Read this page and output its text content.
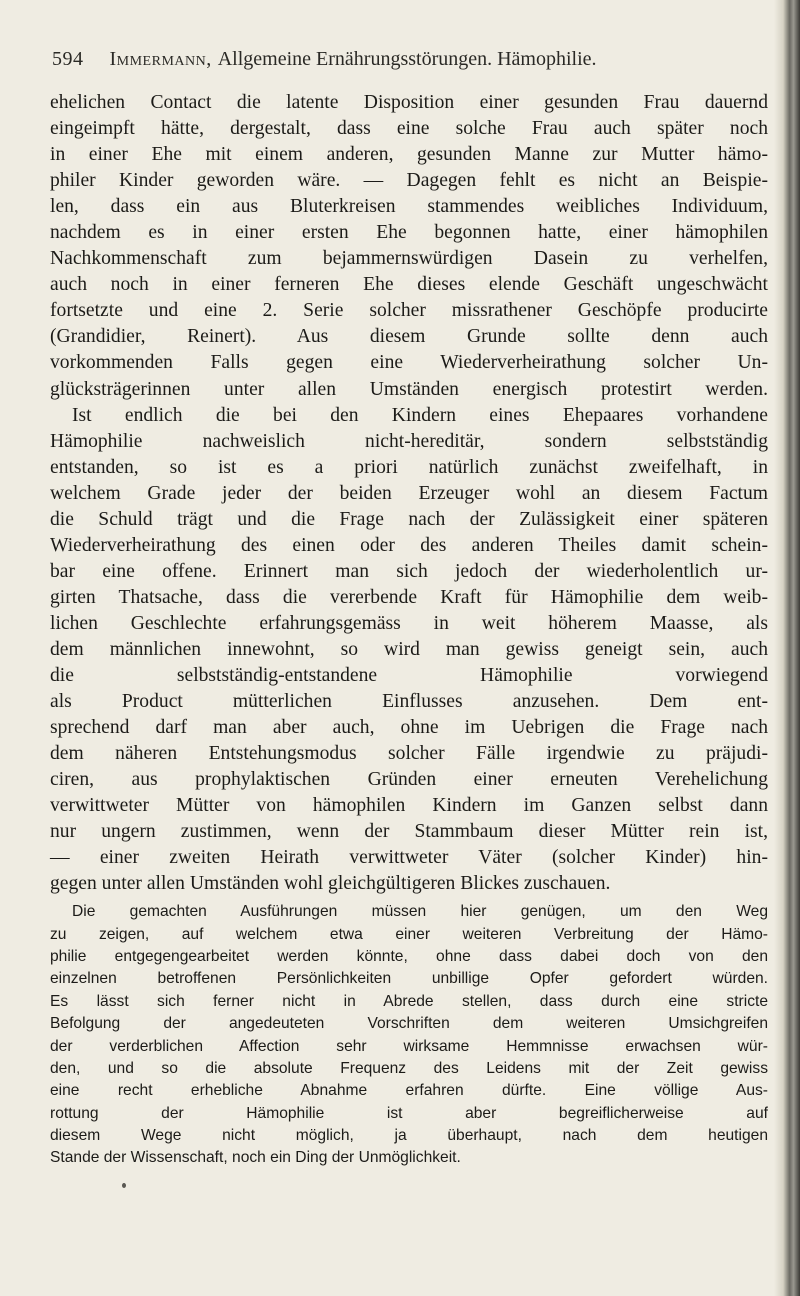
594 Immermann, Allgemeine Ernährungsstörungen. Hämophilie.
ehelichen Contact die latente Disposition einer gesunden Frau dauernd
eingeimpft hätte, dergestalt, dass eine solche Frau auch später noch
in einer Ehe mit einem anderen, gesunden Manne zur Mutter hämo-
philer Kinder geworden wäre. — Dagegen fehlt es nicht an Beispie-
len, dass ein aus Bluterkreisen stammendes weibliches Individuum,
nachdem es in einer ersten Ehe begonnen hatte, einer hämophilen
Nachkommenschaft zum bejammernswürdigen Dasein zu verhelfen,
auch noch in einer ferneren Ehe dieses elende Geschäft ungeschwächt
fortsetzte und eine 2. Serie solcher missrathener Geschöpfe producirte
(Grandidier, Reinert). Aus diesem Grunde sollte denn auch
vorkommenden Falls gegen eine Wiederverheirathung solcher Un-
glücksträgerinnen unter allen Umständen energisch protestirt werden.
Ist endlich die bei den Kindern eines Ehepaares vorhandene
Hämophilie nachweislich nicht-hereditär, sondern selbstständig
entstanden, so ist es a priori natürlich zunächst zweifelhaft, in
welchem Grade jeder der beiden Erzeuger wohl an diesem Factum
die Schuld trägt und die Frage nach der Zulässigkeit einer späteren
Wiederverheirathung des einen oder des anderen Theiles damit schein-
bar eine offene. Erinnert man sich jedoch der wiederholentlich ur-
girten Thatsache, dass die vererbende Kraft für Hämophilie dem weib-
lichen Geschlechte erfahrungsgemäss in weit höherem Maasse, als
dem männlichen innewohnt, so wird man gewiss geneigt sein, auch
die selbstständig-entstandene Hämophilie vorwiegend
als Product mütterlichen Einflusses anzusehen. Dem ent-
sprechend darf man aber auch, ohne im Uebrigen die Frage nach
dem näheren Entstehungsmodus solcher Fälle irgendwie zu präjudi-
ciren, aus prophylaktischen Gründen einer erneuten Verehelichung
verwittweter Mütter von hämophilen Kindern im Ganzen selbst dann
nur ungern zustimmen, wenn der Stammbaum dieser Mütter rein ist,
— einer zweiten Heirath verwittweter Väter (solcher Kinder) hin-
gegen unter allen Umständen wohl gleichgültigeren Blickes zuschauen.
Die gemachten Ausführungen müssen hier genügen, um den Weg
zu zeigen, auf welchem etwa einer weiteren Verbreitung der Hämo-
philie entgegengearbeitet werden könnte, ohne dass dabei doch von den
einzelnen betroffenen Persönlichkeiten unbillige Opfer gefordert würden.
Es lässt sich ferner nicht in Abrede stellen, dass durch eine stricte
Befolgung der angedeuteten Vorschriften dem weiteren Umsichgreifen
der verderblichen Affection sehr wirksame Hemmnisse erwachsen wür-
den, und so die absolute Frequenz des Leidens mit der Zeit gewiss
eine recht erhebliche Abnahme erfahren dürfte. Eine völlige Aus-
rottung der Hämophilie ist aber begreiflicherweise auf
diesem Wege nicht möglich, ja überhaupt, nach dem heutigen
Stande der Wissenschaft, noch ein Ding der Unmöglichkeit.
